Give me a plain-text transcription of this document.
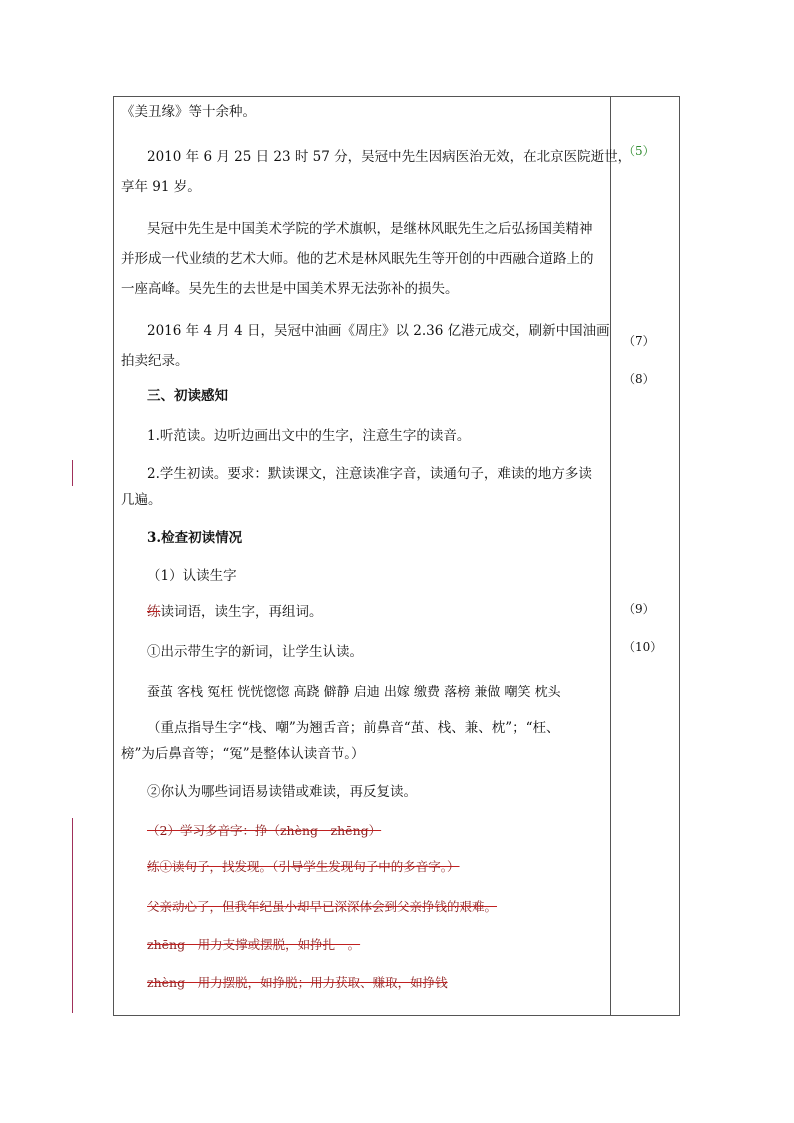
《美丑缘》等十余种。
2010 年 6 月 25 日 23 时 57 分，吴冠中先生因病医治无效，在北京医院逝世，
享年 91 岁。
吴冠中先生是中国美术学院的学术旗帜，是继林风眠先生之后弘扬国美精神
并形成一代业绩的艺术大师。他的艺术是林风眠先生等开创的中西融合道路上的
一座高峰。吴先生的去世是中国美术界无法弥补的损失。
2016 年 4 月 4 日，吴冠中油画《周庄》以 2.36 亿港元成交，刷新中国油画
拍卖纪录。
三、初读感知
1.听范读。边听边画出文中的生字，注意生字的读音。
2.学生初读。要求：默读课文，注意读准字音，读通句子，难读的地方多读
几遍。
3.检查初读情况
（1）认读生字
练读词语，读生字，再组词。
①出示带生字的新词，让学生认读。
蚕茧 客栈 冤枉 恍恍惚惚 高跷 僻静 启迪 出嫁 缴费 落榜 兼做 嘲笑 枕头
（重点指导生字“栈、嘲”为翘舌音；前鼻音“茧、栈、兼、枕”；“枉、
榜”为后鼻音等；“冤”是整体认读音节。）
②你认为哪些词语易读错或难读，再反复读。
（2）学习多音字：挣（zhèng　zhēng）
练①读句子，找发现。（引导学生发现句子中的多音字。）
父亲动心了，但我年纪虽小却早已深深体会到父亲挣钱的艰难。
zhēng　用力支撑或摆脱，如挣扎　。
zhèng　用力摆脱，如挣脱；用力获取、赚取，如挣钱
（5）
（7）
（8）
（9）
（10）
